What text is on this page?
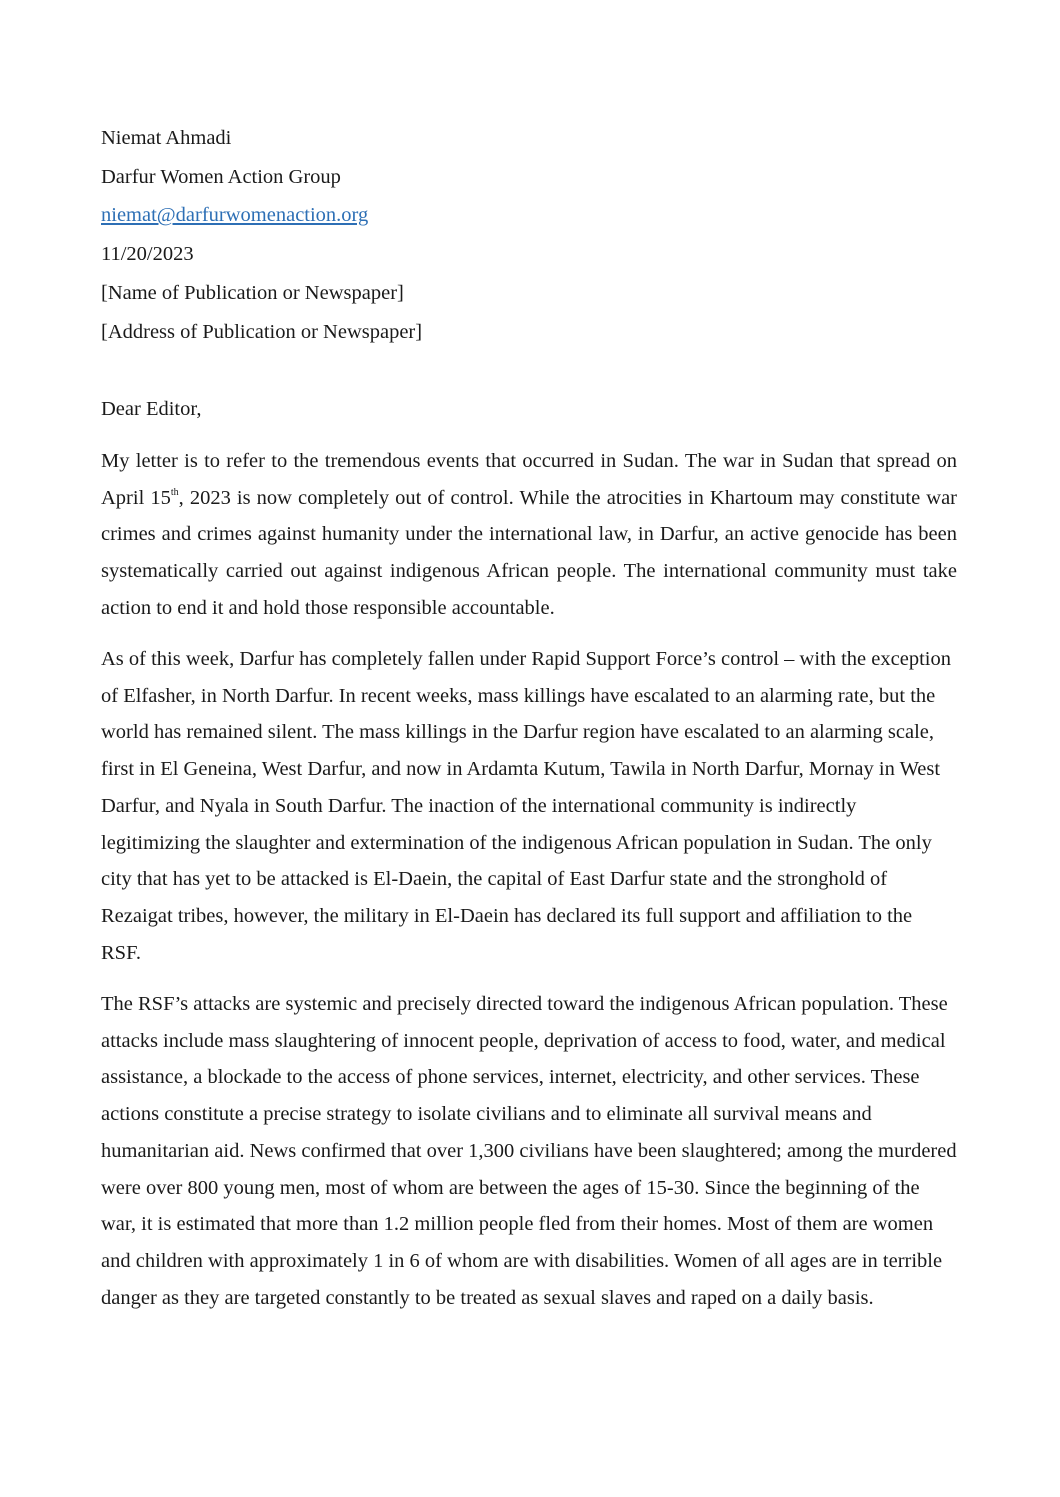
Niemat Ahmadi
Darfur Women Action Group
niemat@darfurwomenaction.org
11/20/2023
[Name of Publication or Newspaper]
[Address of Publication or Newspaper]
Dear Editor,
My letter is to refer to the tremendous events that occurred in Sudan. The war in Sudan that spread on April 15th, 2023 is now completely out of control. While the atrocities in Khartoum may constitute war crimes and crimes against humanity under the international law, in Darfur, an active genocide has been systematically carried out against indigenous African people. The international community must take action to end it and hold those responsible accountable.
As of this week, Darfur has completely fallen under Rapid Support Force’s control – with the exception of Elfasher, in North Darfur. In recent weeks, mass killings have escalated to an alarming rate, but the world has remained silent. The mass killings in the Darfur region have escalated to an alarming scale, first in El Geneina, West Darfur, and now in Ardamta Kutum, Tawila in North Darfur, Mornay in West Darfur, and Nyala in South Darfur. The inaction of the international community is indirectly legitimizing the slaughter and extermination of the indigenous African population in Sudan. The only city that has yet to be attacked is El-Daein, the capital of East Darfur state and the stronghold of Rezaigat tribes, however, the military in El-Daein has declared its full support and affiliation to the RSF.
The RSF’s attacks are systemic and precisely directed toward the indigenous African population. These attacks include mass slaughtering of innocent people, deprivation of access to food, water, and medical assistance, a blockade to the access of phone services, internet, electricity, and other services. These actions constitute a precise strategy to isolate civilians and to eliminate all survival means and humanitarian aid. News confirmed that over 1,300 civilians have been slaughtered; among the murdered were over 800 young men, most of whom are between the ages of 15-30. Since the beginning of the war, it is estimated that more than 1.2 million people fled from their homes. Most of them are women and children with approximately 1 in 6 of whom are with disabilities. Women of all ages are in terrible danger as they are targeted constantly to be treated as sexual slaves and raped on a daily basis.
